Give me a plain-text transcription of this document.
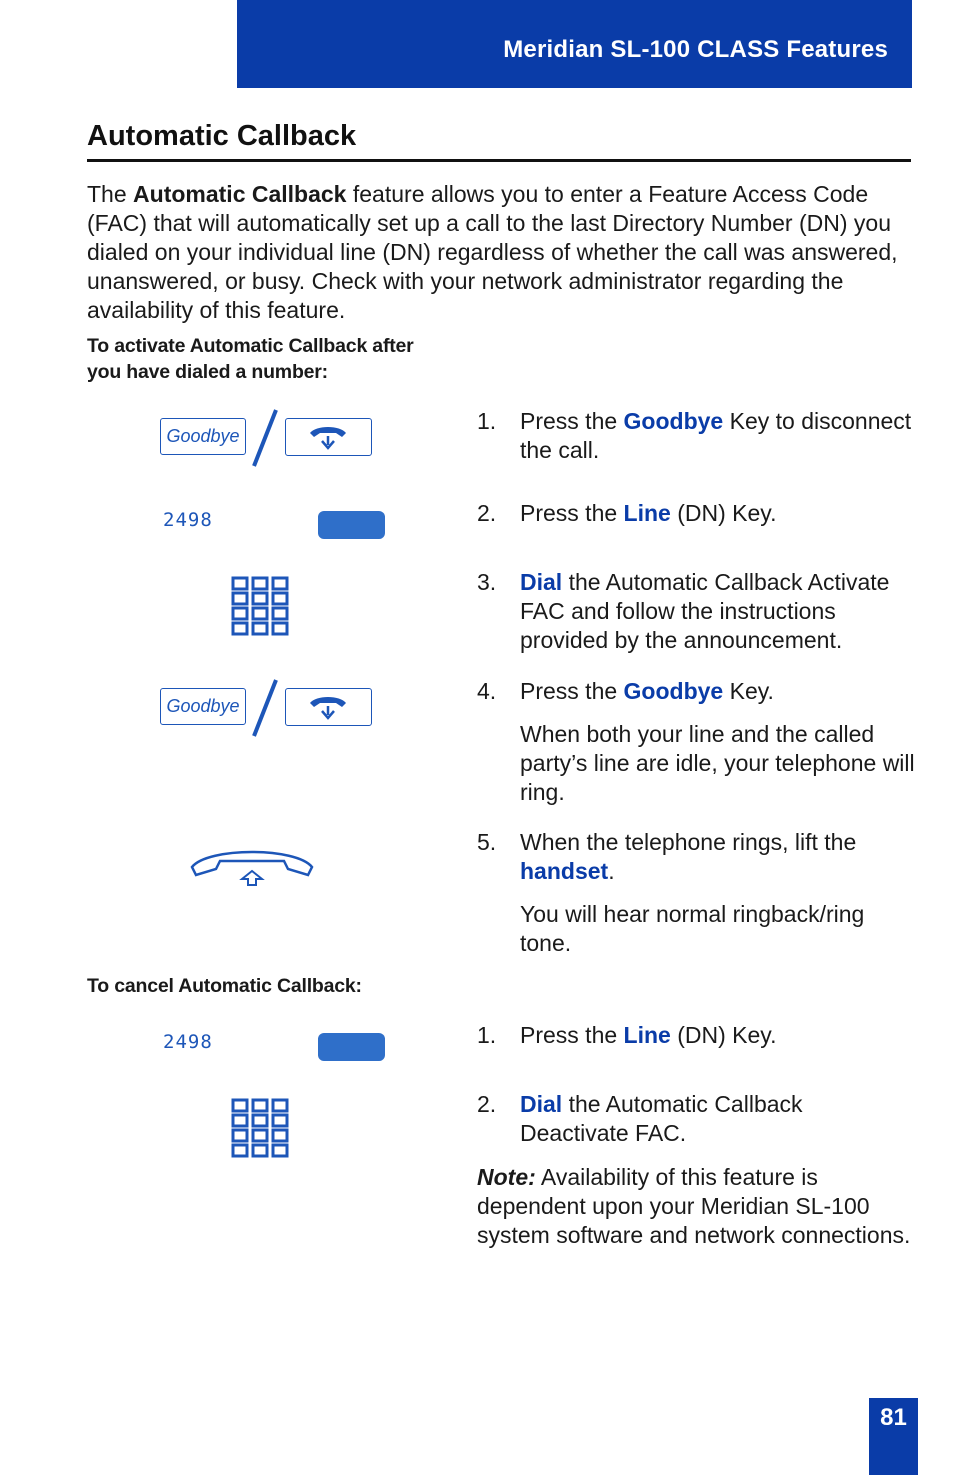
Meridian SL-100 CLASS Features
Automatic Callback

The Automatic Callback feature allows you to enter a Feature Access Code (FAC) that will automatically set up a call to the last Directory Number (DN) you dialed on your individual line (DN) regardless of whether the call was answered, unanswered, or busy. Check with your network administrator regarding the availability of this feature.

To activate Automatic Callback after
you have dialed a number:
Goodbye
2498
Goodbye
2498
1. Press the Goodbye Key to disconnect the call.
2. Press the Line (DN) Key.
3. Dial the Automatic Callback Activate FAC and follow the instructions provided by the announcement.
4. Press the Goodbye Key.
When both your line and the called party’s line are idle, your telephone will ring.
5. When the telephone rings, lift the handset.
You will hear normal ringback/ring tone.
To cancel Automatic Callback:
1. Press the Line (DN) Key.
2. Dial the Automatic Callback Deactivate FAC.
Note: Availability of this feature is dependent upon your Meridian SL-100 system software and network connections.
81
